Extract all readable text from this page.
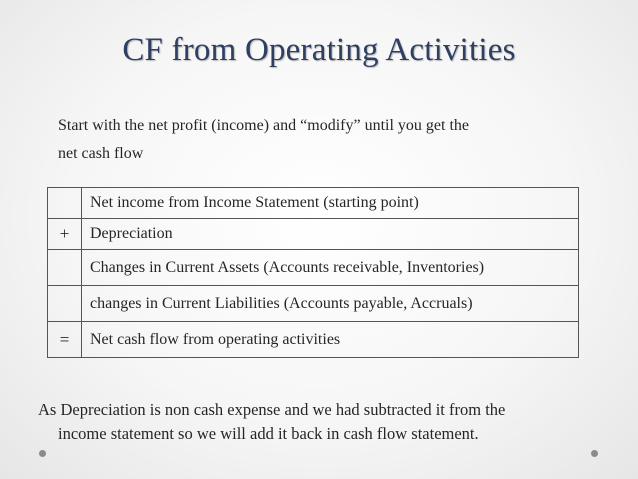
CF from Operating Activities
Start with the net profit (income) and “modify” until you get the
net cash flow
	Net income from Income Statement (starting point)
+	Depreciation
	Changes in Current Assets (Accounts receivable, Inventories)
	changes in Current Liabilities (Accounts payable, Accruals)
=	Net cash flow from operating activities
As Depreciation is non cash expense and we had subtracted it from the
income statement so we will add it back in cash flow statement.
